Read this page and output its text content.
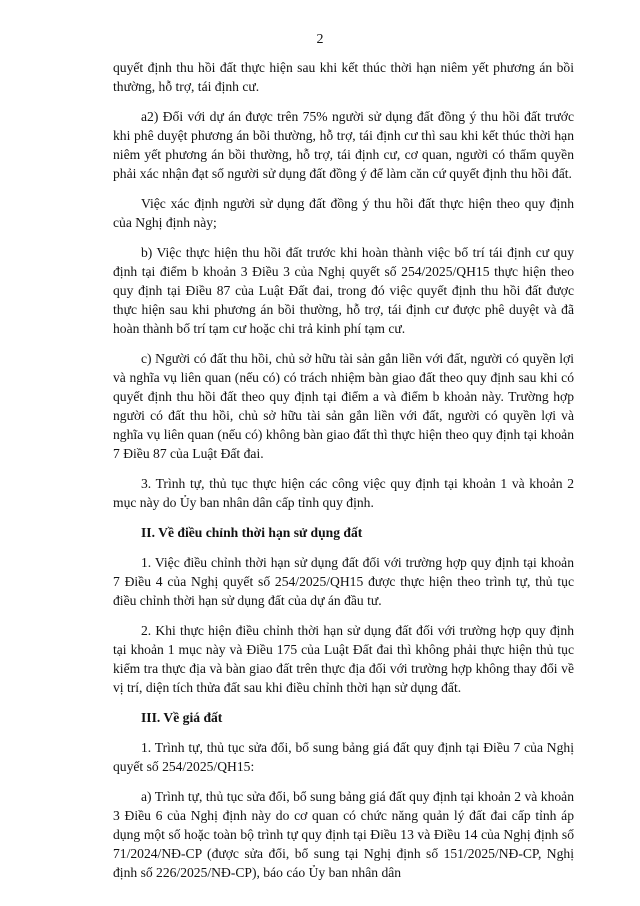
2

quyết định thu hồi đất thực hiện sau khi kết thúc thời hạn niêm yết phương án bồi thường, hỗ trợ, tái định cư.

a2) Đối với dự án được trên 75% người sử dụng đất đồng ý thu hồi đất trước khi phê duyệt phương án bồi thường, hỗ trợ, tái định cư thì sau khi kết thúc thời hạn niêm yết phương án bồi thường, hỗ trợ, tái định cư, cơ quan, người có thẩm quyền phải xác nhận đạt số người sử dụng đất đồng ý để làm căn cứ quyết định thu hồi đất.

Việc xác định người sử dụng đất đồng ý thu hồi đất thực hiện theo quy định của Nghị định này;

b) Việc thực hiện thu hồi đất trước khi hoàn thành việc bố trí tái định cư quy định tại điểm b khoản 3 Điều 3 của Nghị quyết số 254/2025/QH15 thực hiện theo quy định tại Điều 87 của Luật Đất đai, trong đó việc quyết định thu hồi đất được thực hiện sau khi phương án bồi thường, hỗ trợ, tái định cư được phê duyệt và đã hoàn thành bố trí tạm cư hoặc chi trả kinh phí tạm cư.

c) Người có đất thu hồi, chủ sở hữu tài sản gắn liền với đất, người có quyền lợi và nghĩa vụ liên quan (nếu có) có trách nhiệm bàn giao đất theo quy định sau khi có quyết định thu hồi đất theo quy định tại điểm a và điểm b khoản này. Trường hợp người có đất thu hồi, chủ sở hữu tài sản gắn liền với đất, người có quyền lợi và nghĩa vụ liên quan (nếu có) không bàn giao đất thì thực hiện theo quy định tại khoản 7 Điều 87 của Luật Đất đai.

3. Trình tự, thủ tục thực hiện các công việc quy định tại khoản 1 và khoản 2 mục này do Ủy ban nhân dân cấp tỉnh quy định.

II. Về điều chỉnh thời hạn sử dụng đất

1. Việc điều chỉnh thời hạn sử dụng đất đối với trường hợp quy định tại khoản 7 Điều 4 của Nghị quyết số 254/2025/QH15 được thực hiện theo trình tự, thủ tục điều chỉnh thời hạn sử dụng đất của dự án đầu tư.

2. Khi thực hiện điều chỉnh thời hạn sử dụng đất đối với trường hợp quy định tại khoản 1 mục này và Điều 175 của Luật Đất đai thì không phải thực hiện thủ tục kiểm tra thực địa và bàn giao đất trên thực địa đối với trường hợp không thay đổi về vị trí, diện tích thửa đất sau khi điều chỉnh thời hạn sử dụng đất.

III. Về giá đất

1. Trình tự, thủ tục sửa đổi, bổ sung bảng giá đất quy định tại Điều 7 của Nghị quyết số 254/2025/QH15:

a) Trình tự, thủ tục sửa đổi, bổ sung bảng giá đất quy định tại khoản 2 và khoản 3 Điều 6 của Nghị định này do cơ quan có chức năng quản lý đất đai cấp tỉnh áp dụng một số hoặc toàn bộ trình tự quy định tại Điều 13 và Điều 14 của Nghị định số 71/2024/NĐ-CP (được sửa đổi, bổ sung tại Nghị định số 151/2025/NĐ-CP, Nghị định số 226/2025/NĐ-CP), báo cáo Ủy ban nhân dân
